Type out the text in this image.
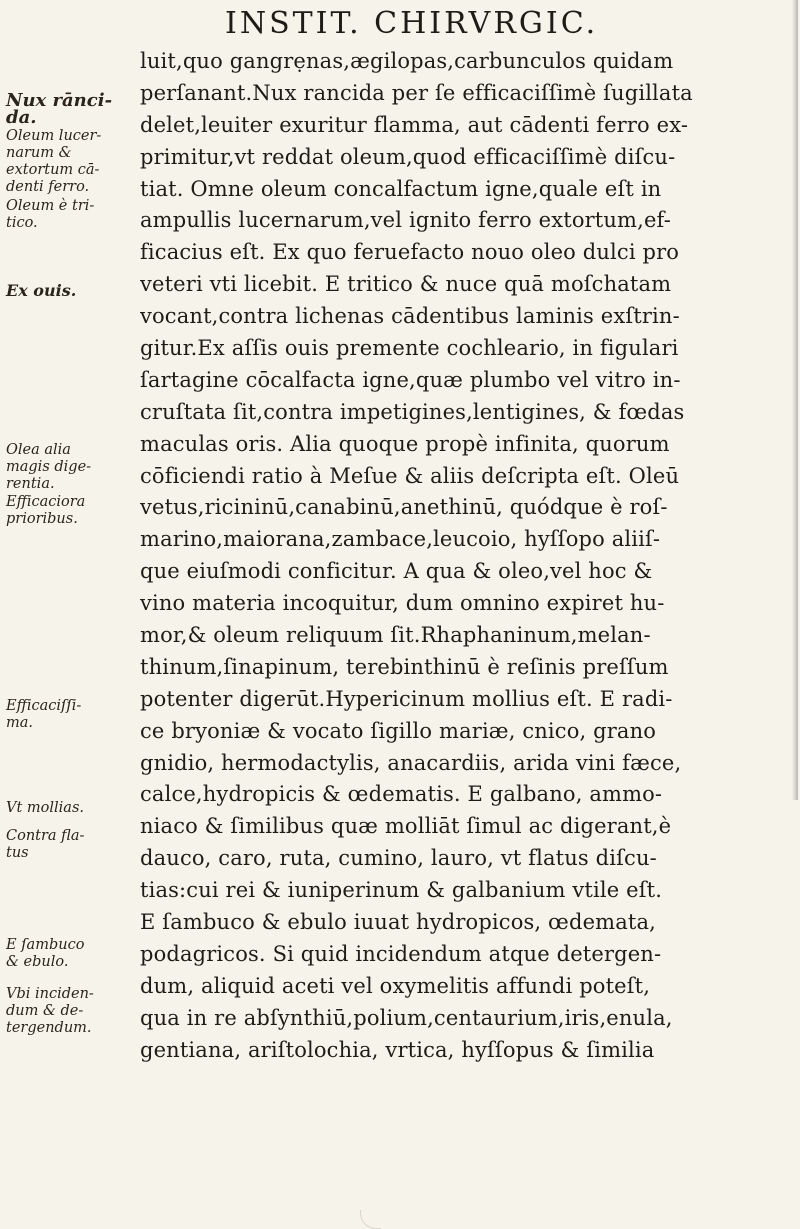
INSTIT. CHIRVRGIC.
luit,quo gangrẹnas,ægilopas,carbunculos quidam
perſanant.Nux rancida per ſe efficaciſſimè ſugillata
delet,leuiter exuritur flamma, aut cādenti ferro ex-
primitur,vt reddat oleum,quod efficaciſſimè diſcu-
tiat. Omne oleum concalfactum igne,quale eſt in
ampullis lucernarum,vel ignito ferro extortum,ef-
ficacius eſt. Ex quo feruefacto nouo oleo dulci pro
veteri vti licebit. E tritico & nuce quā moſchatam
vocant,contra lichenas cādentibus laminis exſtrin-
gitur.Ex aſſis ouis premente cochleario, in figulari
ſartagine cōcalfacta igne,quæ plumbo vel vitro in-
cruſtata ſit,contra impetigines,lentigines, & fœdas
maculas oris. Alia quoque propè infinita, quorum
cōficiendi ratio à Meſue & aliis deſcripta eſt. Oleū
vetus,ricininū,canabinū,anethinū, quódque è roſ-
marino,maiorana,zambace,leucoio, hyſſopo aliiſ-
que eiuſmodi conficitur. A qua & oleo,vel hoc &
vino materia incoquitur, dum omnino expiret hu-
mor,& oleum reliquum ſit.Rhaphaninum,melan-
thinum,ſinapinum, terebinthinū è reſinis preſſum
potenter digerūt.Hypericinum mollius eſt. E radi-
ce bryoniæ & vocato ſigillo mariæ, cnico, grano
gnidio, hermodactylis, anacardiis, arida vini fæce,
calce,hydropicis & œdematis. E galbano, ammo-
niaco & ſimilibus quæ molliāt ſimul ac digerant,ѐ
dauco, caro, ruta, cumino, lauro, vt flatus diſcu-
tias:cui rei & iuniperinum & galbanium vtile eſt.
E ſambuco & ebulo iuuat hydropicos, œdemata,
podagricos. Si quid incidendum atque detergen-
dum, aliquid aceti vel oxymelitis affundi poteſt,
qua in re abſynthiū,polium,centaurium,iris,enula,
gentiana, ariſtolochia, vrtica, hyſſopus & ſimilia
Nux rānci-
da.
Oleum lucer-
narum &
extortum cā-
denti ferro.
Oleum è tri-
tico.
Ex ouis.
Olea alia
magis dige-
rentia.
Efficaciora
prioribus.
Efficaciſſi-
ma.
Vt mollias.
Contra fla-
tus
E ſambuco
& ebulo.
Vbi inciden-
dum & de-
tergendum.
